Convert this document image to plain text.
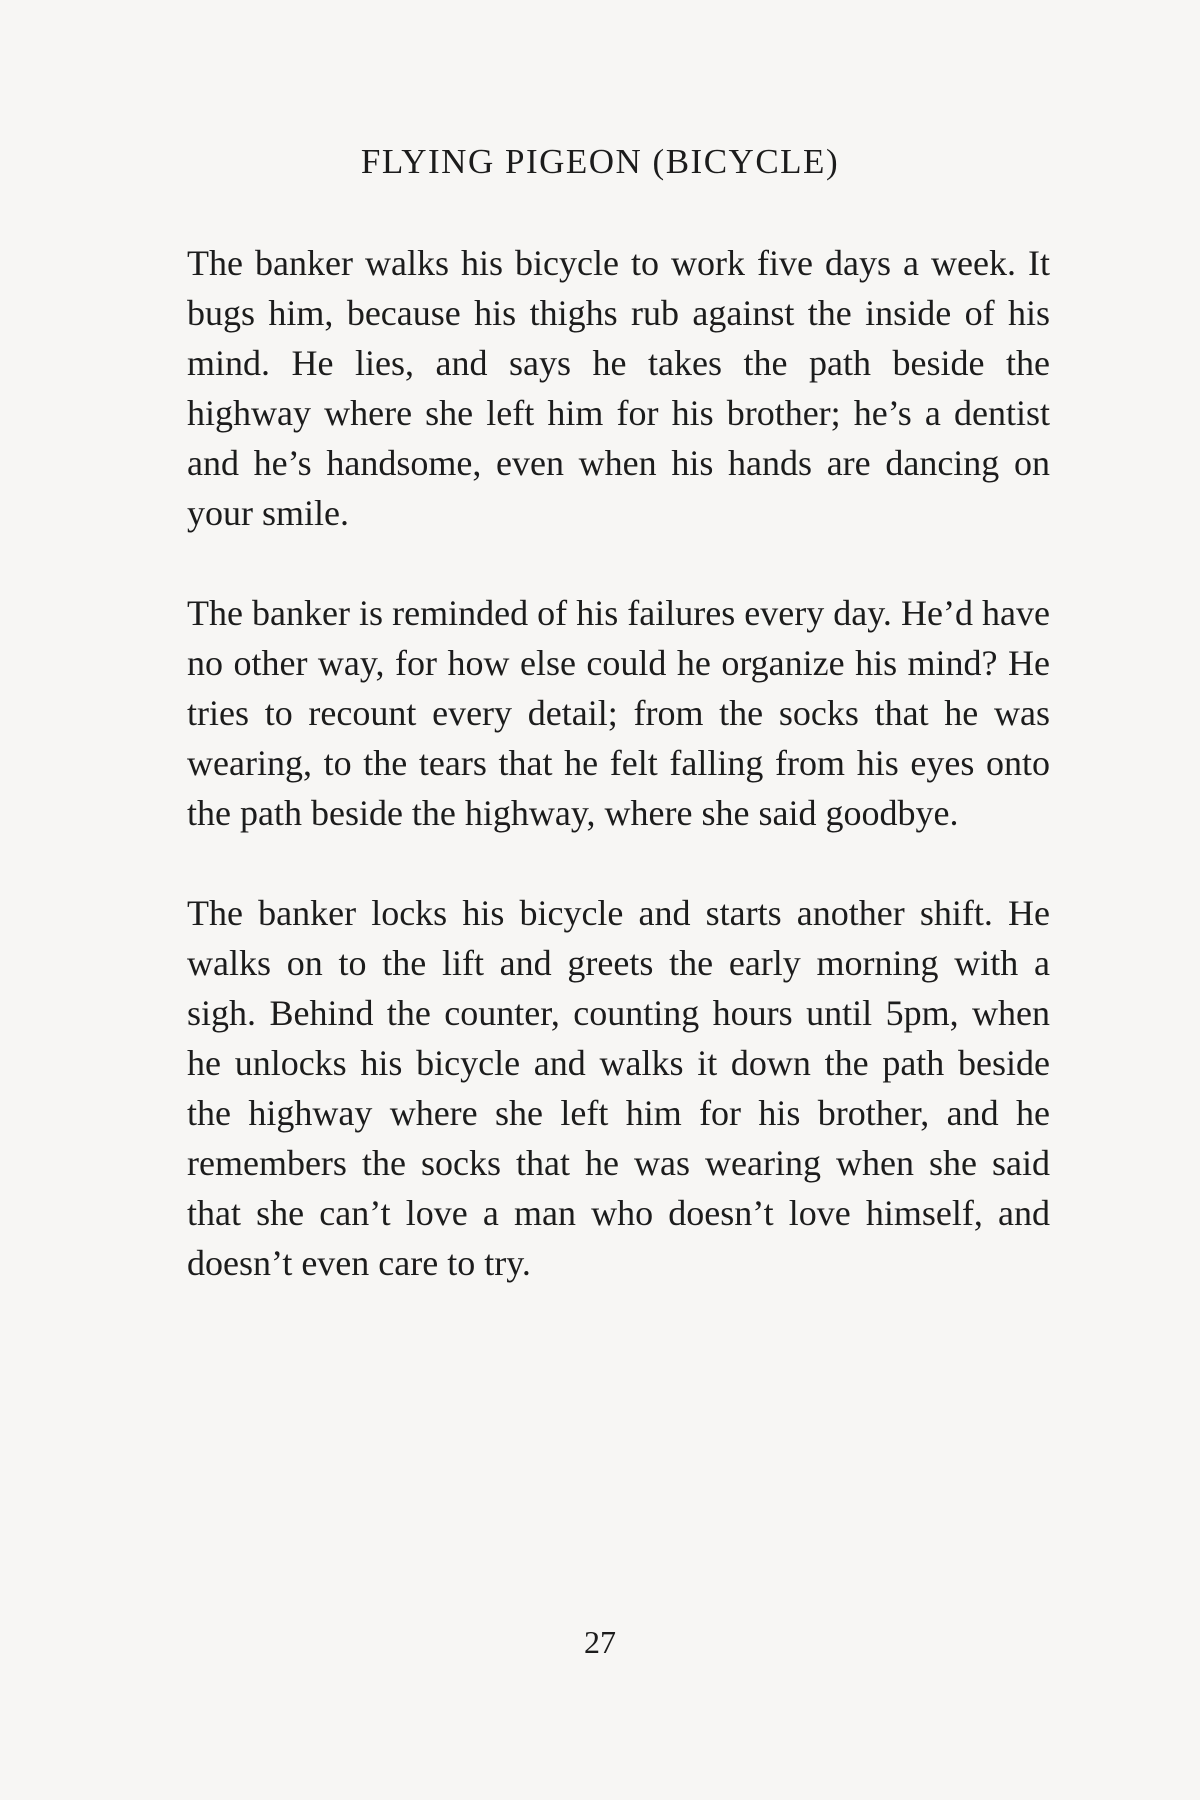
FLYING PIGEON (BICYCLE)

The banker walks his bicycle to work five days a week. It bugs him, because his thighs rub against the inside of his mind. He lies, and says he takes the path beside the highway where she left him for his brother; he’s a dentist and he’s handsome, even when his hands are dancing on your smile.

The banker is reminded of his failures every day. He’d have no other way, for how else could he organize his mind? He tries to recount every detail; from the socks that he was wearing, to the tears that he felt falling from his eyes onto the path beside the highway, where she said goodbye.

The banker locks his bicycle and starts another shift. He walks on to the lift and greets the early morning with a sigh. Behind the counter, counting hours until 5pm, when he unlocks his bicycle and walks it down the path beside the highway where she left him for his brother, and he remembers the socks that he was wearing when she said that she can’t love a man who doesn’t love himself, and doesn’t even care to try.

27
